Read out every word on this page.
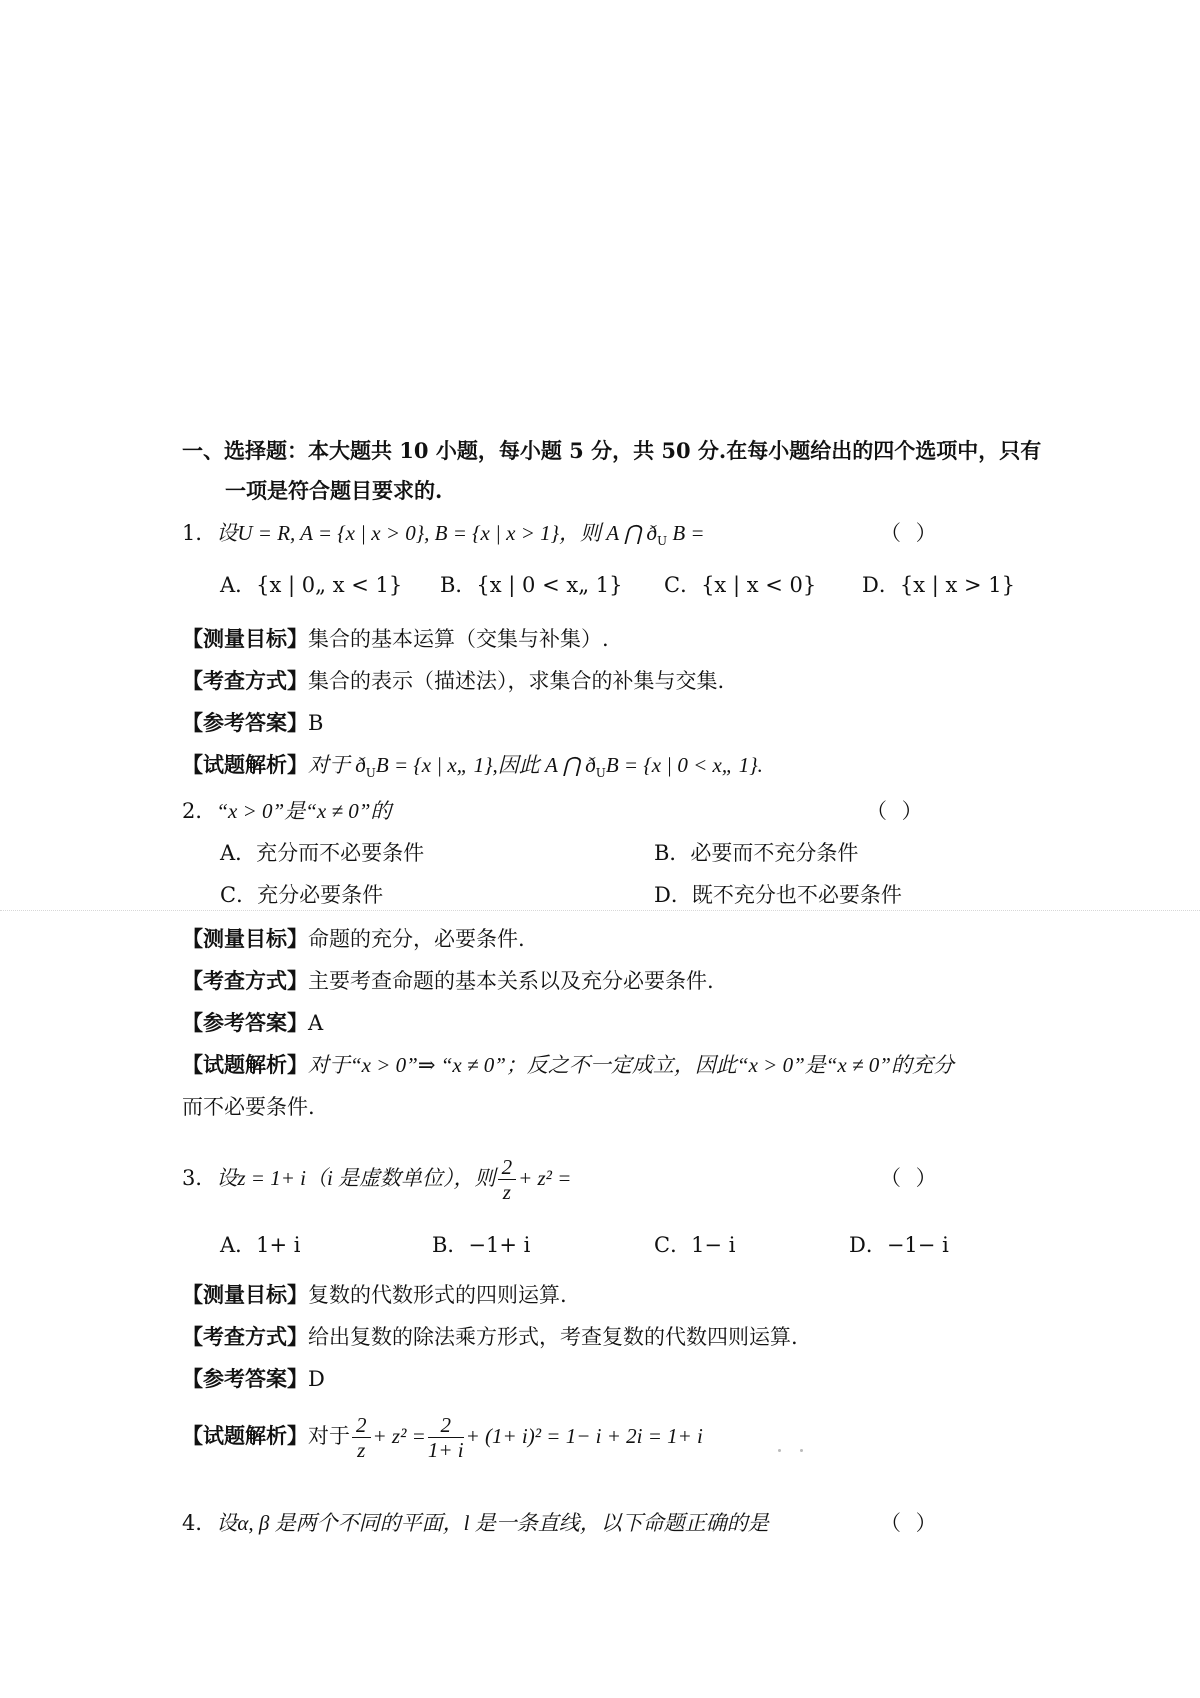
一、选择题：本大题共 10 小题，每小题 5 分，共 50 分.在每小题给出的四个选项中，只有
一项是符合题目要求的.
1．设U = R, A = {x | x > 0}, B = {x | x > 1}，则 A ⋂ $ð_U$ B =	（ ）
A．{x | 0„ x < 1} B．{x | 0 < x„ 1} C．{x | x < 0} D．{x | x > 1}
【测量目标】集合的基本运算（交集与补集）.
【考查方式】集合的表示（描述法），求集合的补集与交集.
【参考答案】B
【试题解析】对于 $ð_UB = \{x$ | x„ 1},因此 A ⋂ $ð_UB = \{x$ | 0 < x„ 1}.
2．“x > 0”是“x ≠ 0”的	（ ）
A．充分而不必要条件	B．必要而不充分条件
C．充分必要条件	D．既不充分也不必要条件
【测量目标】命题的充分，必要条件.
【考查方式】主要考查命题的基本关系以及充分必要条件.
【参考答案】A
【试题解析】对于“x > 0”⇒ “x ≠ 0”；反之不一定成立，因此“x > 0”是“x ≠ 0”的充分
而不必要条件.
3．设z = 1+ i（i 是虚数单位），则 $\frac{2}{z} + z^2$ =	（ ）
A．1+ i	B．−1+ i	C．1− i	D．−1− i
【测量目标】复数的代数形式的四则运算.
【考查方式】给出复数的除法乘方形式，考查复数的代数四则运算.
【参考答案】D
【试题解析】对于 $\frac{2}{z} + z^2 = \frac{2}{1+ i} + (1+ i)^2 = 1- i + 2i = 1+ i$
4．设α, β 是两个不同的平面，l 是一条直线，以下命题正确的是	（ ）
